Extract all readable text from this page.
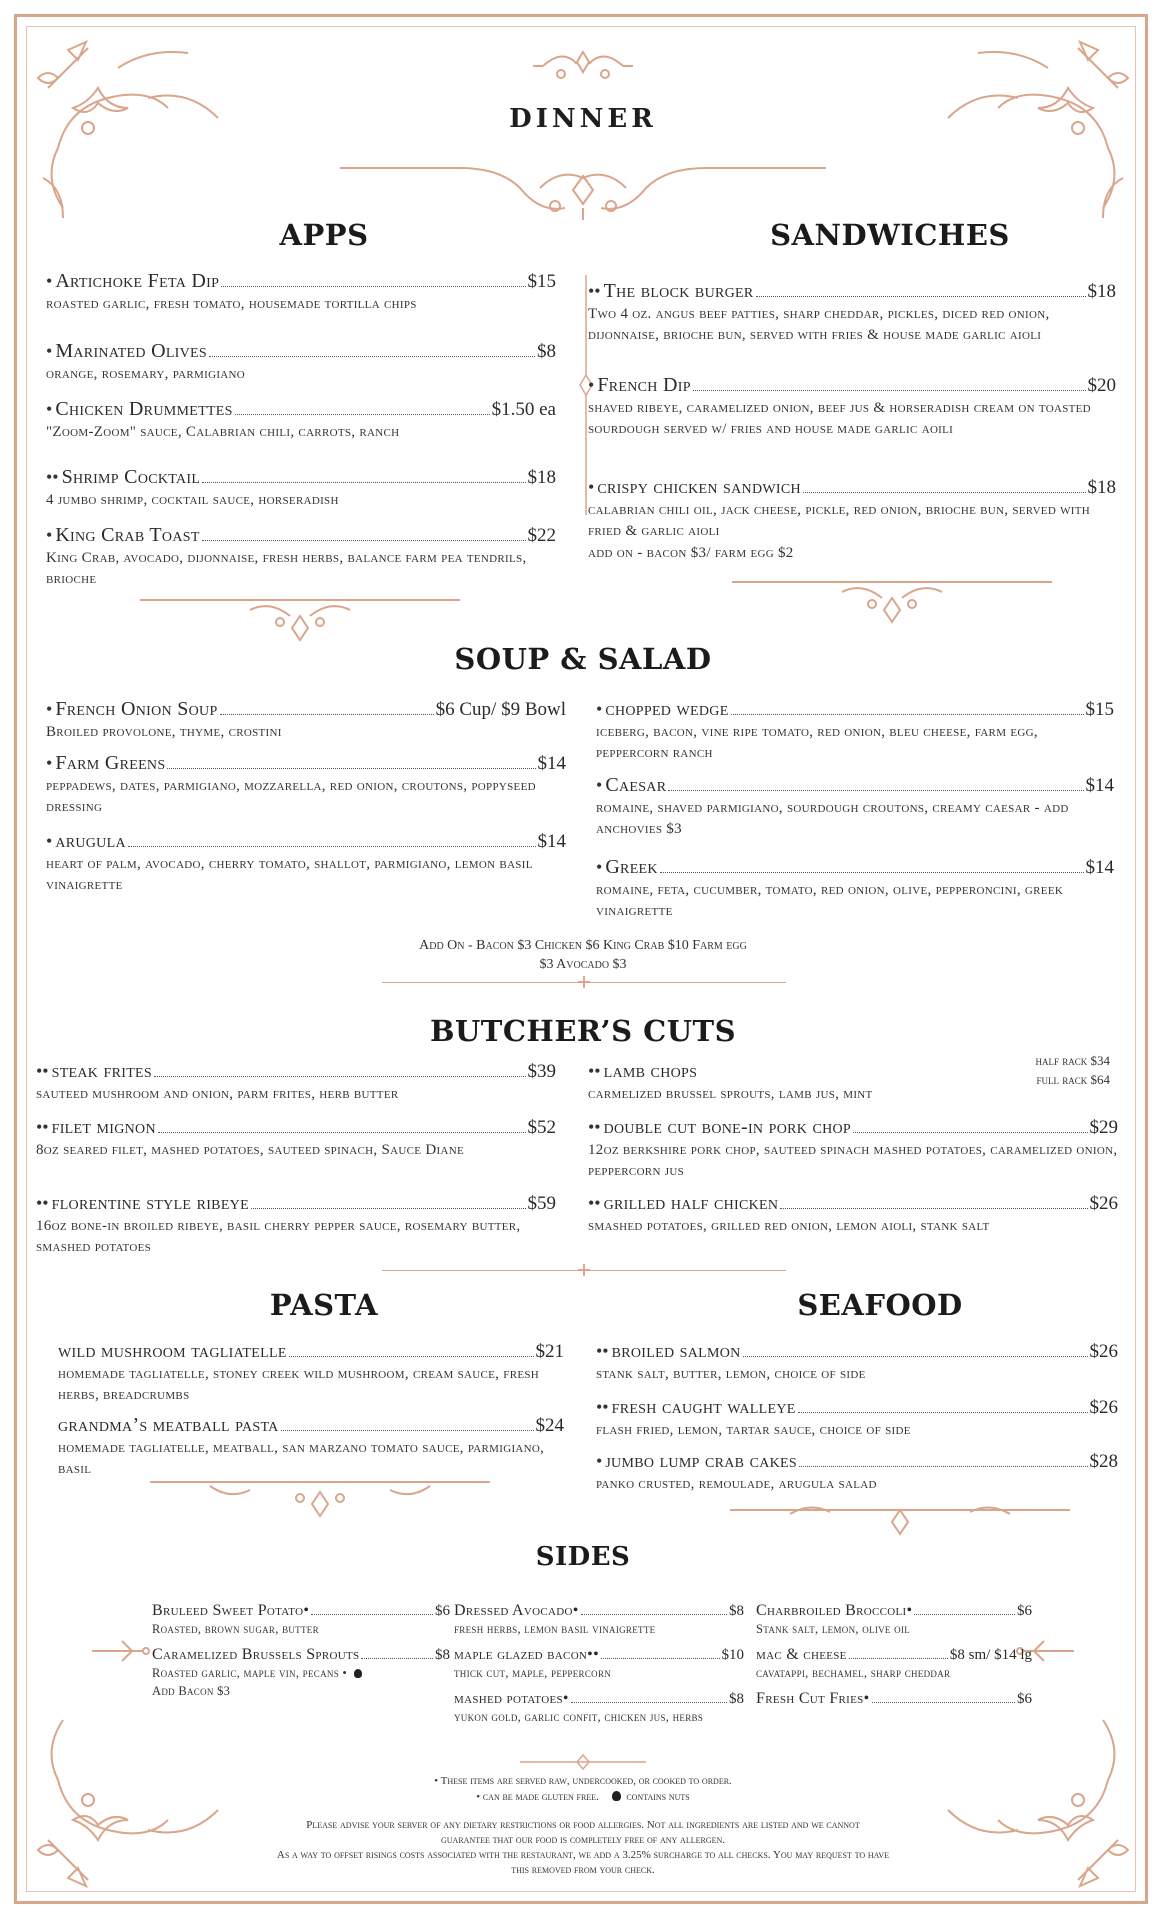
DINNER
APPS	SANDWICHES
• Artichoke Feta Dip	$15
roasted garlic, fresh tomato, housemade tortilla chips
• Marinated Olives	$8
orange, rosemary, parmigiano
• Chicken Drummettes	$1.50 ea
"Zoom-Zoom" sauce, Calabrian chili, carrots, ranch
•• Shrimp Cocktail	$18
4 jumbo shrimp, cocktail sauce, horseradish
• King Crab Toast	$22
King Crab, avocado, dijonnaise, fresh herbs, balance farm pea tendrils, brioche
•• The block burger	$18
Two 4 oz. angus beef patties, sharp cheddar, pickles, diced red onion, dijonnaise, brioche bun, served with fries & house made garlic aioli
• French Dip	$20
shaved ribeye, caramelized onion, beef jus & horseradish cream on toasted sourdough served w/ fries and house made garlic aoili
• crispy chicken sandwich	$18
calabrian chili oil, jack cheese, pickle, red onion, brioche bun, served with fried & garlic aioli
add on - bacon $3/ farm egg $2
SOUP & SALAD
• French Onion Soup	$6 Cup/ $9 Bowl
Broiled provolone, thyme, crostini
• Farm Greens	$14
peppadews, dates, parmigiano, mozzarella, red onion, croutons, poppyseed dressing
• arugula	$14
heart of palm, avocado, cherry tomato, shallot, parmigiano, lemon basil vinaigrette
• chopped wedge	$15
iceberg, bacon, vine ripe tomato, red onion, bleu cheese, farm egg, peppercorn ranch
• Caesar	$14
romaine, shaved parmigiano, sourdough croutons, creamy caesar - add anchovies $3
• Greek	$14
romaine, feta, cucumber, tomato, red onion, olive, pepperoncini, greek vinaigrette
Add On - Bacon $3 Chicken $6 King Crab $10 Farm egg
$3 Avocado $3
BUTCHER’S CUTS
•• steak frites	$39
sauteed mushroom and onion, parm frites, herb butter
•• filet mignon	$52
8oz seared filet, mashed potatoes, sauteed spinach, Sauce Diane
•• florentine style ribeye	$59
16oz bone-in broiled ribeye, basil cherry pepper sauce, rosemary butter, smashed potatoes
•• lamb chops
carmelized brussel sprouts, lamb jus, mint
•• double cut bone-in pork chop	$29
12oz berkshire pork chop, sauteed spinach mashed potatoes, caramelized onion, peppercorn jus
•• grilled half chicken	$26
smashed potatoes, grilled red onion, lemon aioli, stank salt
half rack $34
full rack $64
PASTA	SEAFOOD
wild mushroom tagliatelle	$21
homemade tagliatelle, stoney creek wild mushroom, cream sauce, fresh herbs, breadcrumbs
grandma’s meatball pasta	$24
homemade tagliatelle, meatball, san marzano tomato sauce, parmigiano, basil
•• broiled salmon	$26
stank salt, butter, lemon, choice of side
•• fresh caught walleye	$26
flash fried, lemon, tartar sauce, choice of side
• jumbo lump crab cakes	$28
panko crusted, remoulade, arugula salad
SIDES
Bruleed Sweet Potato•	$6
Roasted, brown sugar, butter
Caramelized Brussels Sprouts	$8
Roasted garlic, maple vin, pecans •
Add Bacon $3
Dressed Avocado•	$8
fresh herbs, lemon basil vinaigrette
maple glazed bacon••	$10
thick cut, maple, peppercorn
mashed potatoes•	$8
yukon gold, garlic confit, chicken jus, herbs
Charbroiled Broccoli•	$6
Stank salt, lemon, olive oil
mac & cheese	$8 sm/ $14 lg
cavatappi, bechamel, sharp cheddar
Fresh Cut Fries•	$6
• These items are served raw, undercooked, or cooked to order.
• can be made gluten free.	contains nuts
Please advise your server of any dietary restrictions or food allergies. Not all ingredients are listed and we cannot
guarantee that our food is completely free of any allergen.
As a way to offset risings costs associated with the restaurant, we add a 3.25% surcharge to all checks. You may request to have
this removed from your check.
